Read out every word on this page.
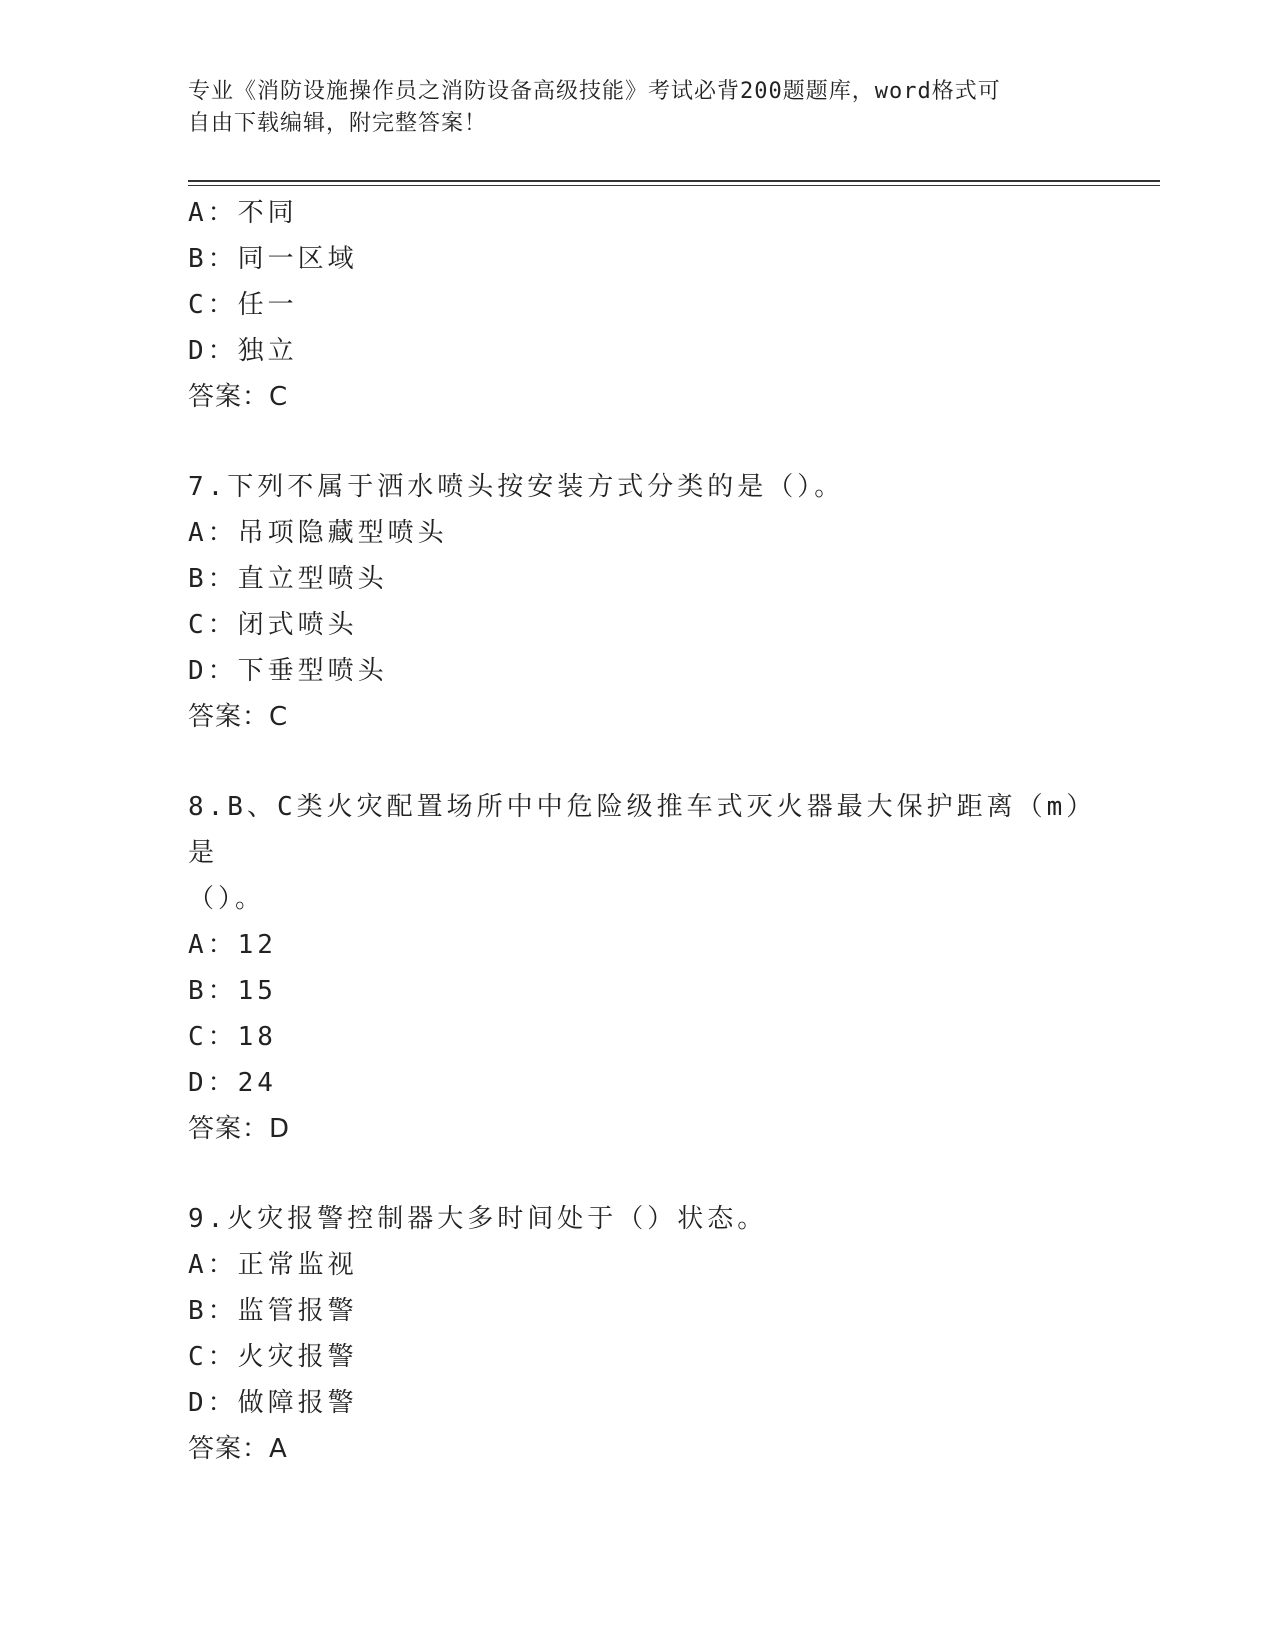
专业《消防设施操作员之消防设备高级技能》考试必背200题题库，word格式可
自由下载编辑，附完整答案！
A：不同
B：同一区域
C：任一
D：独立
答案：C
7.下列不属于洒水喷头按安装方式分类的是（）。
A：吊项隐藏型喷头
B：直立型喷头
C：闭式喷头
D：下垂型喷头
答案：C
8.B、C类火灾配置场所中中危险级推车式灭火器最大保护距离（m）是
（）。
A：12
B：15
C：18
D：24
答案：D
9.火灾报警控制器大多时间处于（）状态。
A：正常监视
B：监管报警
C：火灾报警
D：做障报警
答案：A
